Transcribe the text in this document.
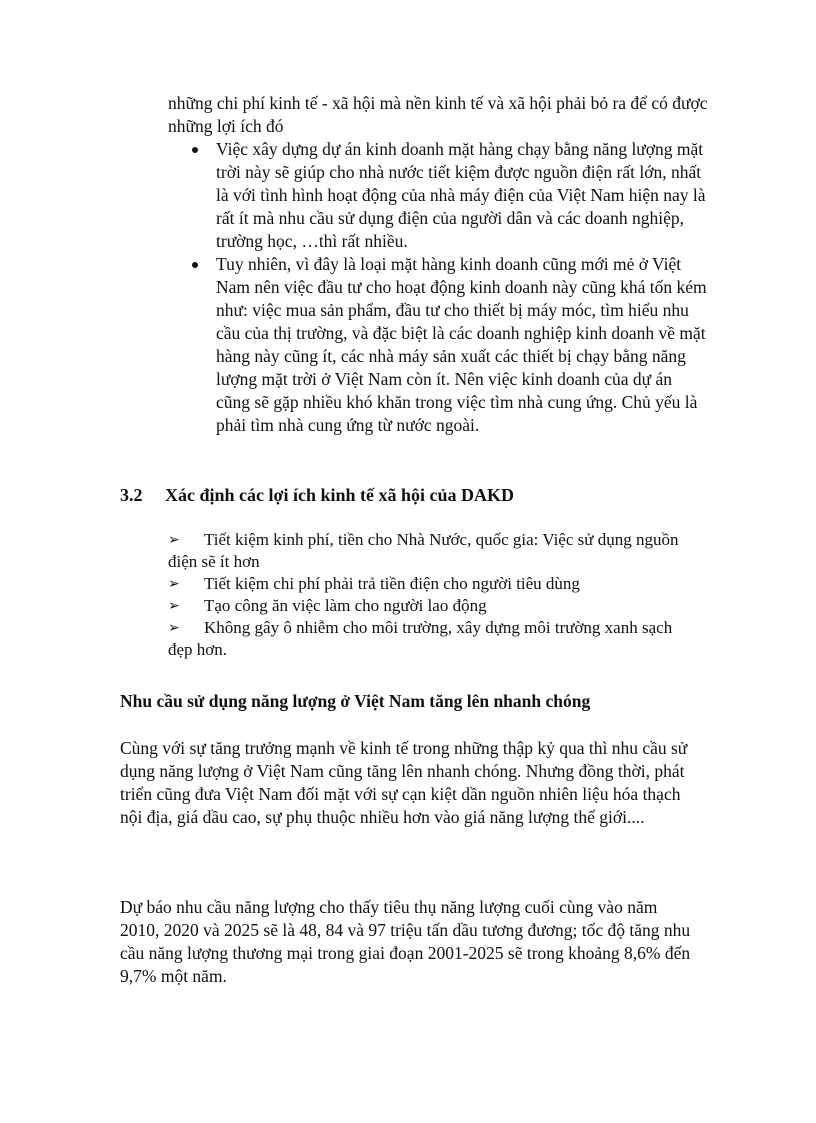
những chi phí kinh tế - xã hội mà nền kinh tế và xã hội phải bỏ ra để có được những lợi ích đó

Việc xây dựng dự án kinh doanh mặt hàng chạy bằng năng lượng mặt trời này sẽ giúp cho nhà nước tiết kiệm được nguồn điện rất lớn, nhất là với tình hình hoạt động của nhà máy điện của Việt Nam hiện nay là rất ít mà nhu cầu sử dụng điện của người dân và các doanh nghiệp, trường học, …thì rất nhiều.
Tuy nhiên, vì đây là loại mặt hàng kinh doanh cũng mới mẻ ở Việt Nam nên việc đầu tư cho hoạt động kinh doanh này cũng khá tốn kém như: việc mua sản phẩm, đầu tư cho thiết bị máy móc, tìm hiểu nhu cầu của thị trường, và đặc biệt là các doanh nghiệp kinh doanh về mặt hàng này cũng ít, các nhà máy sản xuất các thiết bị chạy bằng năng lượng mặt trời ở Việt Nam còn ít. Nên việc kinh doanh của dự án cũng sẽ gặp nhiều khó khăn trong việc tìm nhà cung ứng. Chủ yếu là phải tìm nhà cung ứng từ nước ngoài.
3.2 Xác định các lợi ích kinh tế xã hội của DAKD
➢ Tiết kiệm kinh phí, tiền cho Nhà Nước, quốc gia: Việc sử dụng nguồn điện sẽ ít hơn
➢ Tiết kiệm chi phí phải trả tiền điện cho người tiêu dùng
➢ Tạo công ăn việc làm cho người lao động
➢ Không gây ô nhiễm cho môi trường, xây dựng môi trường xanh sạch đẹp hơn.
Nhu cầu sử dụng năng lượng ở Việt Nam tăng lên nhanh chóng

Cùng với sự tăng trưởng mạnh về kinh tế trong những thập kỷ qua thì nhu cầu sử dụng năng lượng ở Việt Nam cũng tăng lên nhanh chóng. Nhưng đồng thời, phát triển cũng đưa Việt Nam đối mặt với sự cạn kiệt dần nguồn nhiên liệu hóa thạch nội địa, giá dầu cao, sự phụ thuộc nhiều hơn vào giá năng lượng thế giới....

Dự báo nhu cầu năng lượng cho thấy tiêu thụ năng lượng cuối cùng vào năm 2010, 2020 và 2025 sẽ là 48, 84 và 97 triệu tấn dầu tương đương; tốc độ tăng nhu cầu năng lượng thương mại trong giai đoạn 2001-2025 sẽ trong khoảng 8,6% đến 9,7% một năm.
